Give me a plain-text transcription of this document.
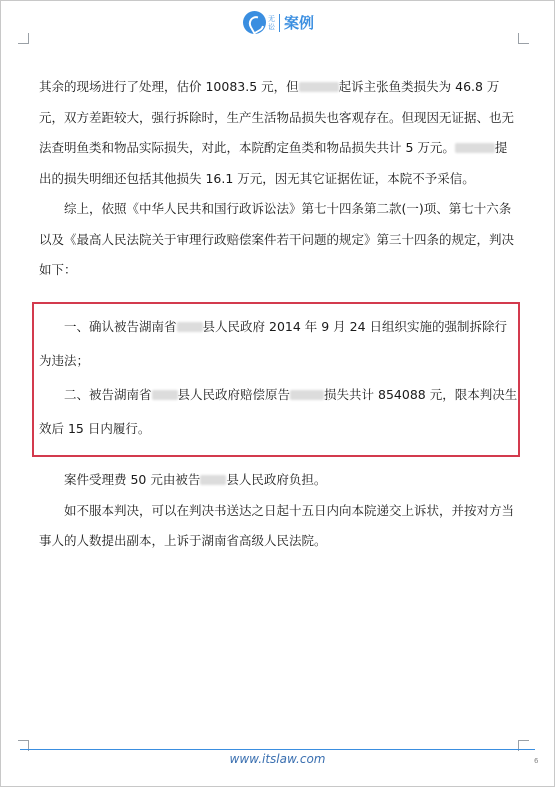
无
讼 案例

其余的现场进行了处理，估价 10083.5 元，但	起诉主张鱼类损失为 46.8 万元，双方差距较大，强行拆除时，生产生活物品损失也客观存在。但现因无证据、也无法查明鱼类和物品实际损失，对此，本院酌定鱼类和物品损失共计 5 万元。	提出的损失明细还包括其他损失 16.1 万元，因无其它证据佐证，本院不予采信。

综上，依照《中华人民共和国行政诉讼法》第七十四条第二款(一)项、第七十六条以及《最高人民法院关于审理行政赔偿案件若干问题的规定》第三十四条的规定，判决如下：

一、确认被告湖南省 县人民政府 2014 年 9 月 24 日组织实施的强制拆除行为违法；

二、被告湖南省 县人民政府赔偿原告	损失共计 854088 元，限本判决生效后 15 日内履行。

案件受理费 50 元由被告 县人民政府负担。

如不服本判决，可以在判决书送达之日起十五日内向本院递交上诉状，并按对方当事人的人数提出副本，上诉于湖南省高级人民法院。

www.itslaw.com	6
